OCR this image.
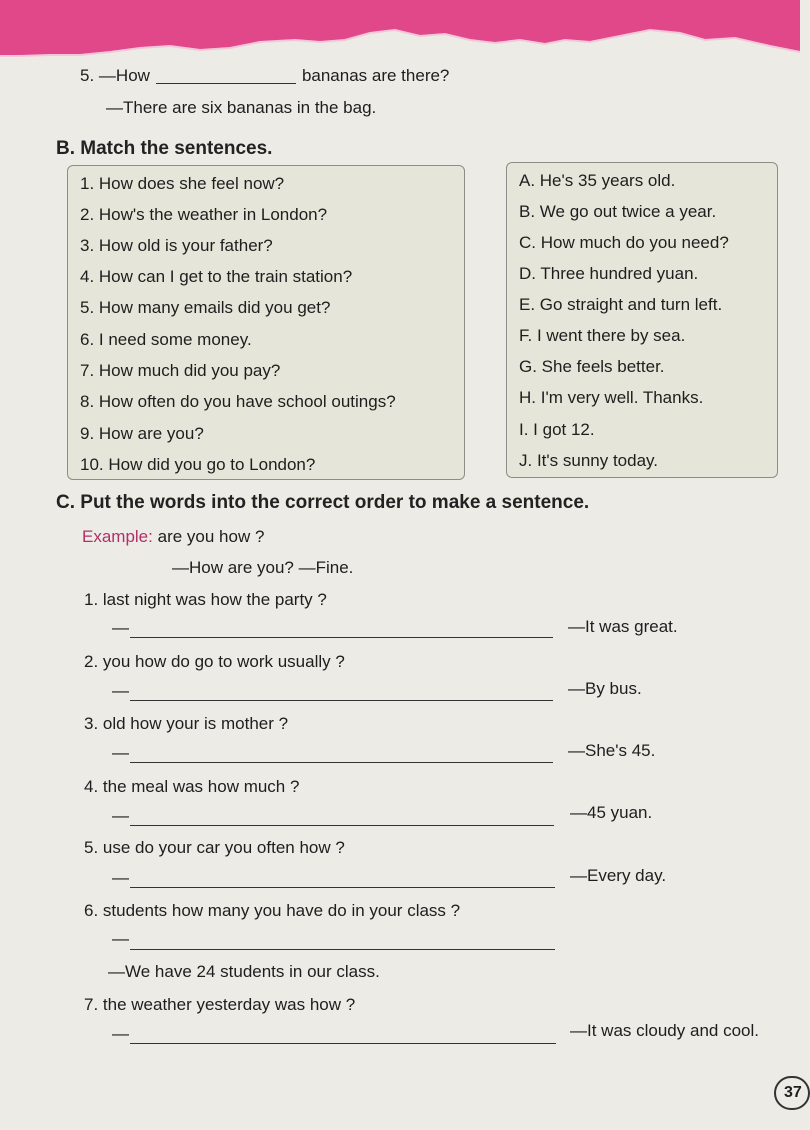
5. —How	bananas are there?
—There are six bananas in the bag.
B. Match the sentences.
1. How does she feel now?
2. How's the weather in London?
3. How old is your father?
4. How can I get to the train station?
5. How many emails did you get?
6. I need some money.
7. How much did you pay?
8. How often do you have school outings?
9. How are you?
10. How did you go to London?
A. He's 35 years old.
B. We go out twice a year.
C. How much do you need?
D. Three hundred yuan.
E. Go straight and turn left.
F. I went there by sea.
G. She feels better.
H. I'm very well. Thanks.
I. I got 12.
J. It's sunny today.
C. Put the words into the correct order to make a sentence.
Example: are you how ?
—How are you? —Fine.
1. last night was how the party ?
—	—It was great.
2. you how do go to work usually ?
—	—By bus.
3. old how your is mother ?
—	—She's 45.
4. the meal was how much ?
—	—45 yuan.
5. use do your car you often how ?
—	—Every day.
6. students how many you have do in your class ?
—
—We have 24 students in our class.
7. the weather yesterday was how ?
—	—It was cloudy and cool.
37
